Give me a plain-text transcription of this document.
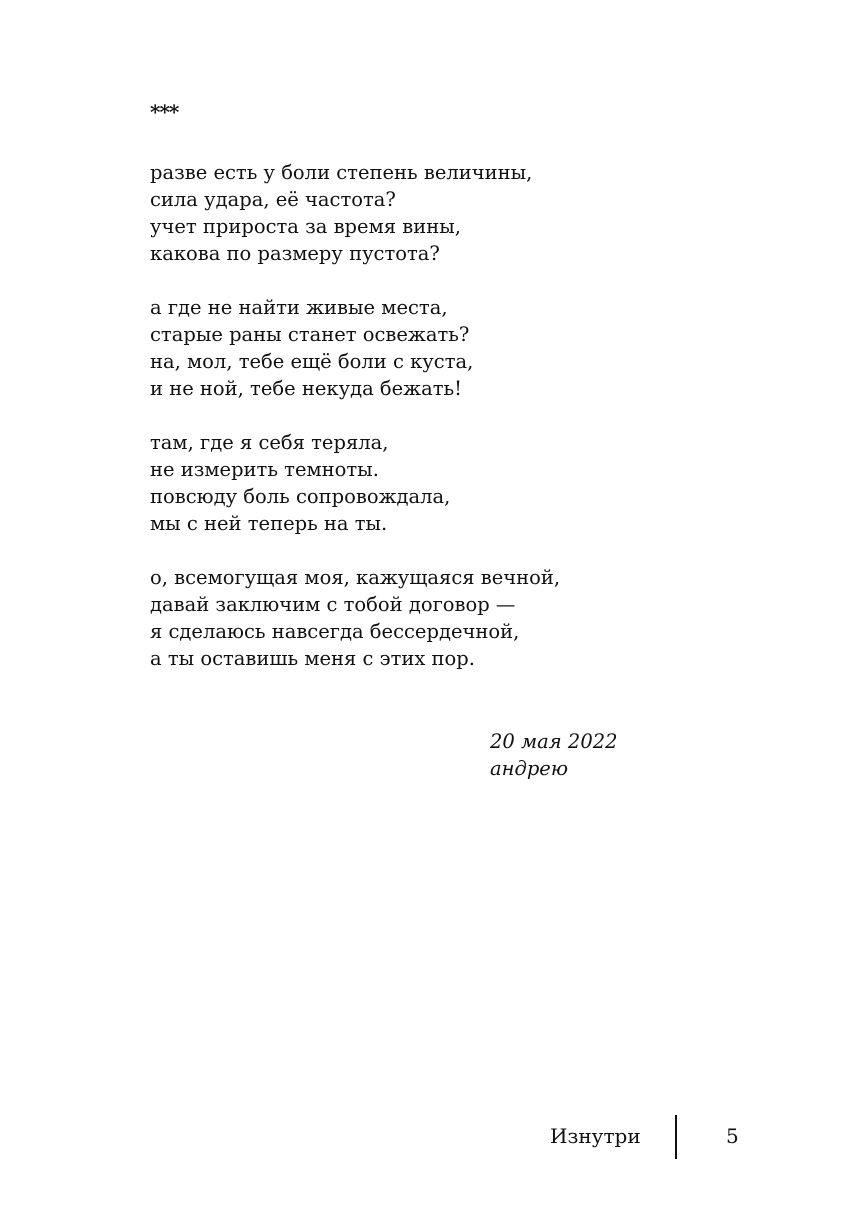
***
разве есть у боли степень величины,
сила удара, её частота?
учет прироста за время вины,
какова по размеру пустота?
а где не найти живые места,
старые раны станет освежать?
на, мол, тебе ещё боли с куста,
и не ной, тебе некуда бежать!
там, где я себя теряла,
не измерить темноты.
повсюду боль сопровождала,
мы с ней теперь на ты.
о, всемогущая моя, кажущаяся вечной,
давай заключим с тобой договор —
я сделаюсь навсегда бессердечной,
а ты оставишь меня с этих пор.
20 мая 2022
андрею
Изнутри	5
